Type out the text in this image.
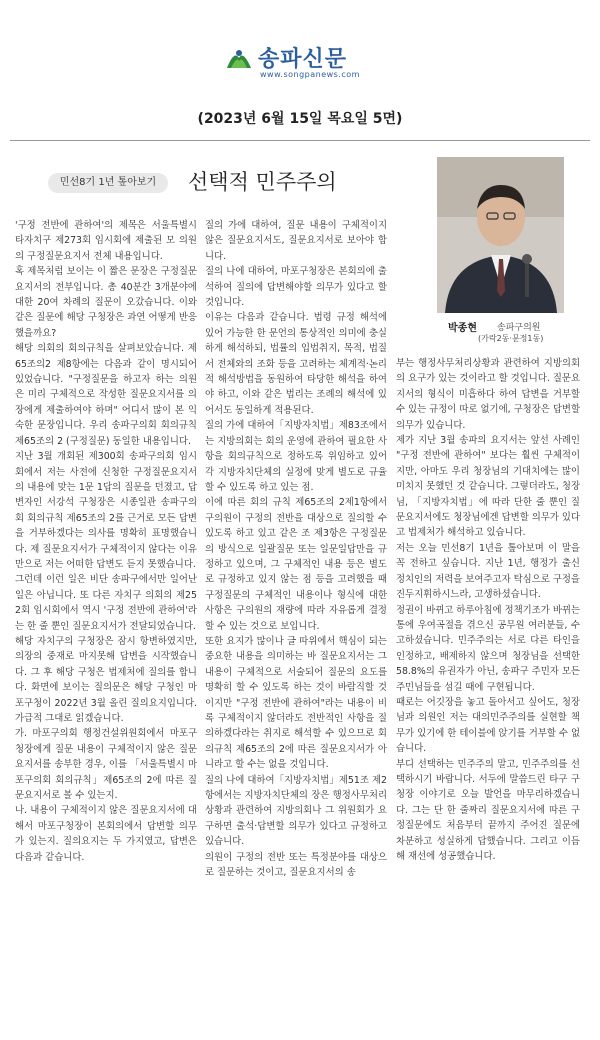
송파신문
www.songpanews.com
(2023년 6월 15일 목요일 5면)
민선8기 1년 톺아보기	선택적 민주주의
박종현 송파구의원
(가락2동·문정1동)

'구정 전반에 관하여'의 제목은 서울특별시 타자치구 제273회 임시회에 제출된 모 의원의 구정질문요지서 전체 내용입니다.

혹 제목처럼 보이는 이 짧은 문장은 구정질문요지서의 전부입니다. 총 40분간 3개분야에 대한 20여 차례의 질문이 오갔습니다. 이와 같은 질문에 해당 구청장은 과연 어떻게 반응했을까요?

해당 의회의 회의규칙을 살펴보았습니다. 제65조의2 제8항에는 다음과 같이 명시되어 있었습니다. "구정질문을 하고자 하는 의원은 미리 구체적으로 작성한 질문요지서를 의장에게 제출하여야 하며" 어디서 많이 본 익숙한 문장입니다. 우리 송파구의회 회의규칙 제65조의 2 (구정질문) 동일한 내용입니다.

지난 3월 개회된 제300회 송파구의회 임시회에서 저는 사전에 신청한 구정질문요지서의 내용에 맞는 1문 1답의 질문을 던졌고, 답변자인 서강석 구청장은 시종일관 송파구의회 회의규칙 제65조의 2를 근거로 모든 답변을 거부하겠다는 의사를 명확히 표명했습니다. 제 질문요지서가 구체적이지 않다는 이유만으로 저는 어떠한 답변도 듣지 못했습니다.

그런데 이런 일은 비단 송파구에서만 일어난 일은 아닙니다. 또 다른 자치구 의회의 제252회 임시회에서 역시 '구정 전반에 관하여'라는 한 줄 뿐인 질문요지서가 전달되었습니다.

해당 자치구의 구청장은 잠시 항변하였지만, 의장의 중재로 마지못해 답변을 시작했습니다. 그 후 해당 구청은 법제처에 질의를 합니다. 화면에 보이는 질의문은 해당 구청인 마포구청이 2022년 3월 올린 질의요지입니다. 가급적 그대로 읽겠습니다.

가. 마포구의회 행정건설위원회에서 마포구청장에게 질문 내용이 구체적이지 않은 질문요지서를 송부한 경우, 이를 「서울특별시 마포구의회 회의규칙」제65조의 2에 따른 질문요지서로 볼 수 있는지.

나. 내용이 구체적이지 않은 질문요지서에 대해서 마포구청장이 본회의에서 답변할 의무가 있는지. 질의요지는 두 가지였고, 답변은 다음과 같습니다.

질의 가에 대하여, 질문 내용이 구체적이지 않은 질문요지서도, 질문요지서로 보아야 합니다.

질의 나에 대하여, 마포구청장은 본회의에 출석하여 질의에 답변해야할 의무가 있다고 할 것입니다.

이유는 다음과 같습니다. 법령 규정 해석에 있어 가능한 한 문언의 통상적인 의미에 충실하게 해석하되, 법률의 입법취지, 목적, 법질서 전체와의 조화 등을 고려하는 체계적·논리적 해석방법을 동원하여 타당한 해석을 하여야 하고, 이와 같은 법리는 조례의 해석에 있어서도 동일하게 적용된다.

질의 가에 대하여「지방자치법」제83조에서는 지방의회는 회의 운영에 관하여 필요한 사항을 회의규칙으로 정하도록 위임하고 있어 각 지방자치단체의 실정에 맞게 별도로 규율할 수 있도록 하고 있는 점.

이에 따른 회의 규칙 제65조의 2제1항에서 구의원이 구정의 전반을 대상으로 질의할 수 있도록 하고 있고 같은 조 제3항은 구정질문의 방식으로 일괄질문 또는 일문일답만을 규정하고 있으며, 그 구체적인 내용 등은 별도로 규정하고 있지 않는 점 등을 고려했을 때 구정질문의 구체적인 내용이나 형식에 대한 사항은 구의원의 재량에 따라 자유롭게 결정할 수 있는 것으로 보입니다.

또한 요지가 많이나 글 따위에서 핵심이 되는 중요한 내용을 의미하는 바 질문요지서는 그 내용이 구체적으로 서술되어 질문의 요도를 명확히 할 수 있도록 하는 것이 바람직할 것이지만 "구정 전반에 관하여"라는 내용이 비록 구체적이지 않더라도 전반적인 사항을 질의하겠다라는 취지로 해석할 수 있으므로 회의규칙 제65조의 2에 따른 질문요지서가 아니라고 할 수는 없을 것입니다.

질의 나에 대하여「지방자치법」제51조 제2항에서는 지방자치단체의 장은 행정사무처리상황과 관련하여 지방의회나 그 위원회가 요구하면 출석·답변할 의무가 있다고 규정하고 있습니다.

의원이 구정의 전반 또는 특정분야를 대상으로 질문하는 것이고, 질문요지서의 송

부는 행정사무처리상황과 관련하여 지방의회의 요구가 있는 것이라고 할 것입니다. 질문요지서의 형식이 미흡하다 하여 답변을 거부할 수 있는 규정이 따로 없기에, 구청장은 답변할 의무가 있습니다.

제가 지난 3월 송파의 요지서는 앞선 사례인 "구정 전반에 관하여" 보다는 훨씬 구체적이지만, 아마도 우리 청장님의 기대치에는 많이 미치지 못했던 것 같습니다. 그렇더라도, 청장님, 「지방자치법」에 따라 단한 줄 뿐인 질문요지서에도 청장님에겐 답변할 의무가 있다고 법제처가 해석하고 있습니다.

저는 오늘 민선8기 1년을 톺아보며 이 말을 꼭 전하고 싶습니다. 지난 1년, 행정가 출신 정치인의 저력을 보여주고자 탁심으로 구정을 진두지휘하시느라, 고생하셨습니다.

정권이 바뀌고 하루아침에 정책기조가 바뀌는 통에 우여곡절을 겪으신 공무원 여러분들, 수고하셨습니다. 민주주의는 서로 다른 타인을 인정하고, 배제하지 않으며 청장님을 선택한 58.8%의 유권자가 아닌, 송파구 주민자 모든 주민님들을 섬길 때에 구현됩니다.

때로는 어깃장을 놓고 돌아서고 싶어도, 청장님과 의원인 저는 대의민주주의를 실현할 책무가 있기에 한 테이블에 앉기를 거부할 수 없습니다.

부디 선택하는 민주주의 말고, 민주주의를 선택하시기 바랍니다. 서두에 말씀드린 타구 구청장 이야기로 오늘 발언을 마무리하겠습니다. 그는 단 한 줄짜리 질문요지서에 따른 구정질문에도 처음부터 끝까지 주어진 질문에 차분하고 성실하게 답했습니다. 그리고 이듬해 재선에 성공했습니다.
